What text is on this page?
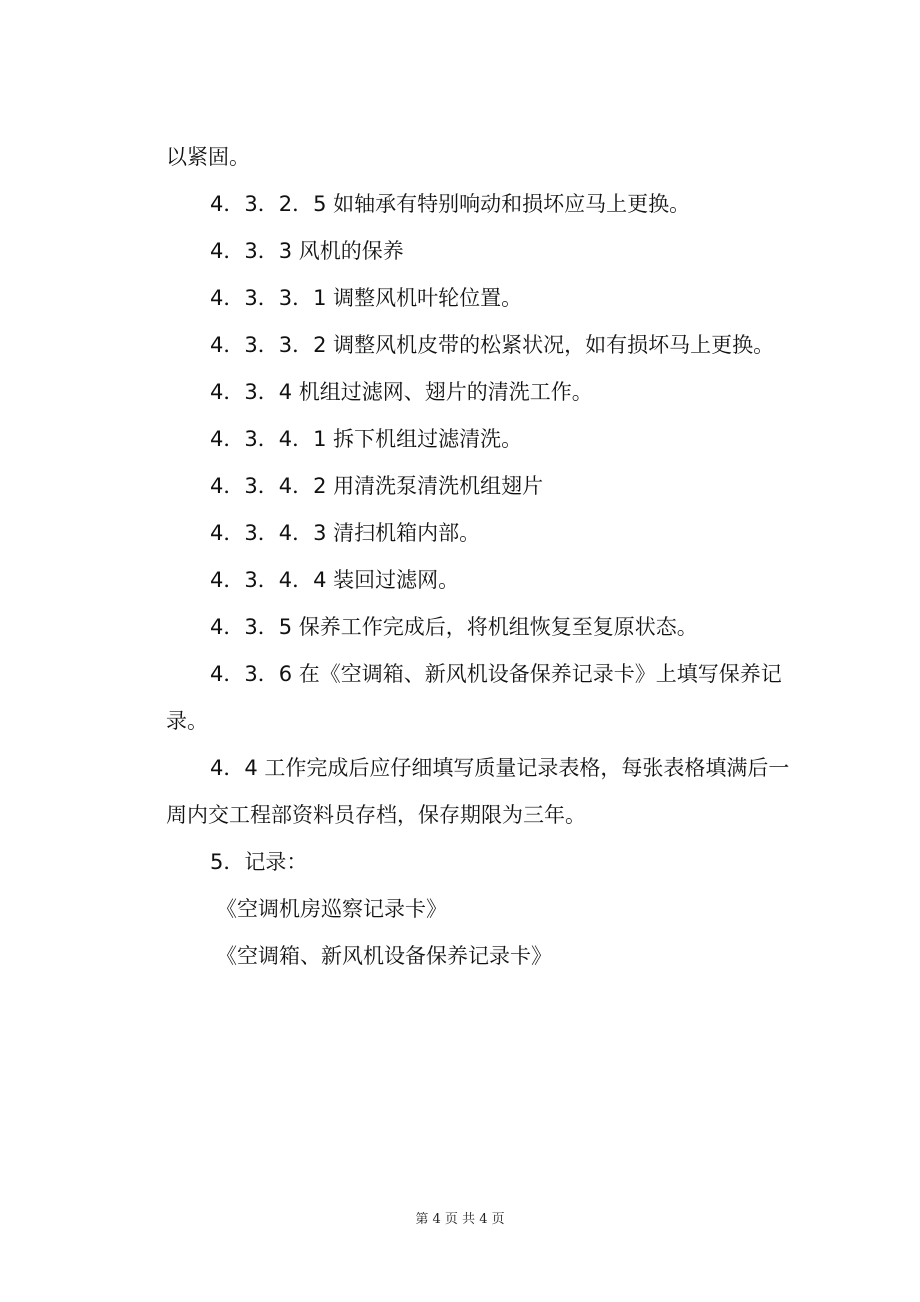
以紧固。

4．3．2．5 如轴承有特别响动和损坏应马上更换。

4．3．3 风机的保养

4．3．3．1 调整风机叶轮位置。

4．3．3．2 调整风机皮带的松紧状况，如有损坏马上更换。

4．3．4 机组过滤网、翅片的清洗工作。

4．3．4．1 拆下机组过滤清洗。

4．3．4．2 用清洗泵清洗机组翅片

4．3．4．3 清扫机箱内部。

4．3．4．4 装回过滤网。

4．3．5 保养工作完成后，将机组恢复至复原状态。

4．3．6 在《空调箱、新风机设备保养记录卡》上填写保养记录。

4．4 工作完成后应仔细填写质量记录表格，每张表格填满后一周内交工程部资料员存档，保存期限为三年。

5．记录：

《空调机房巡察记录卡》

《空调箱、新风机设备保养记录卡》

第 4 页 共 4 页
